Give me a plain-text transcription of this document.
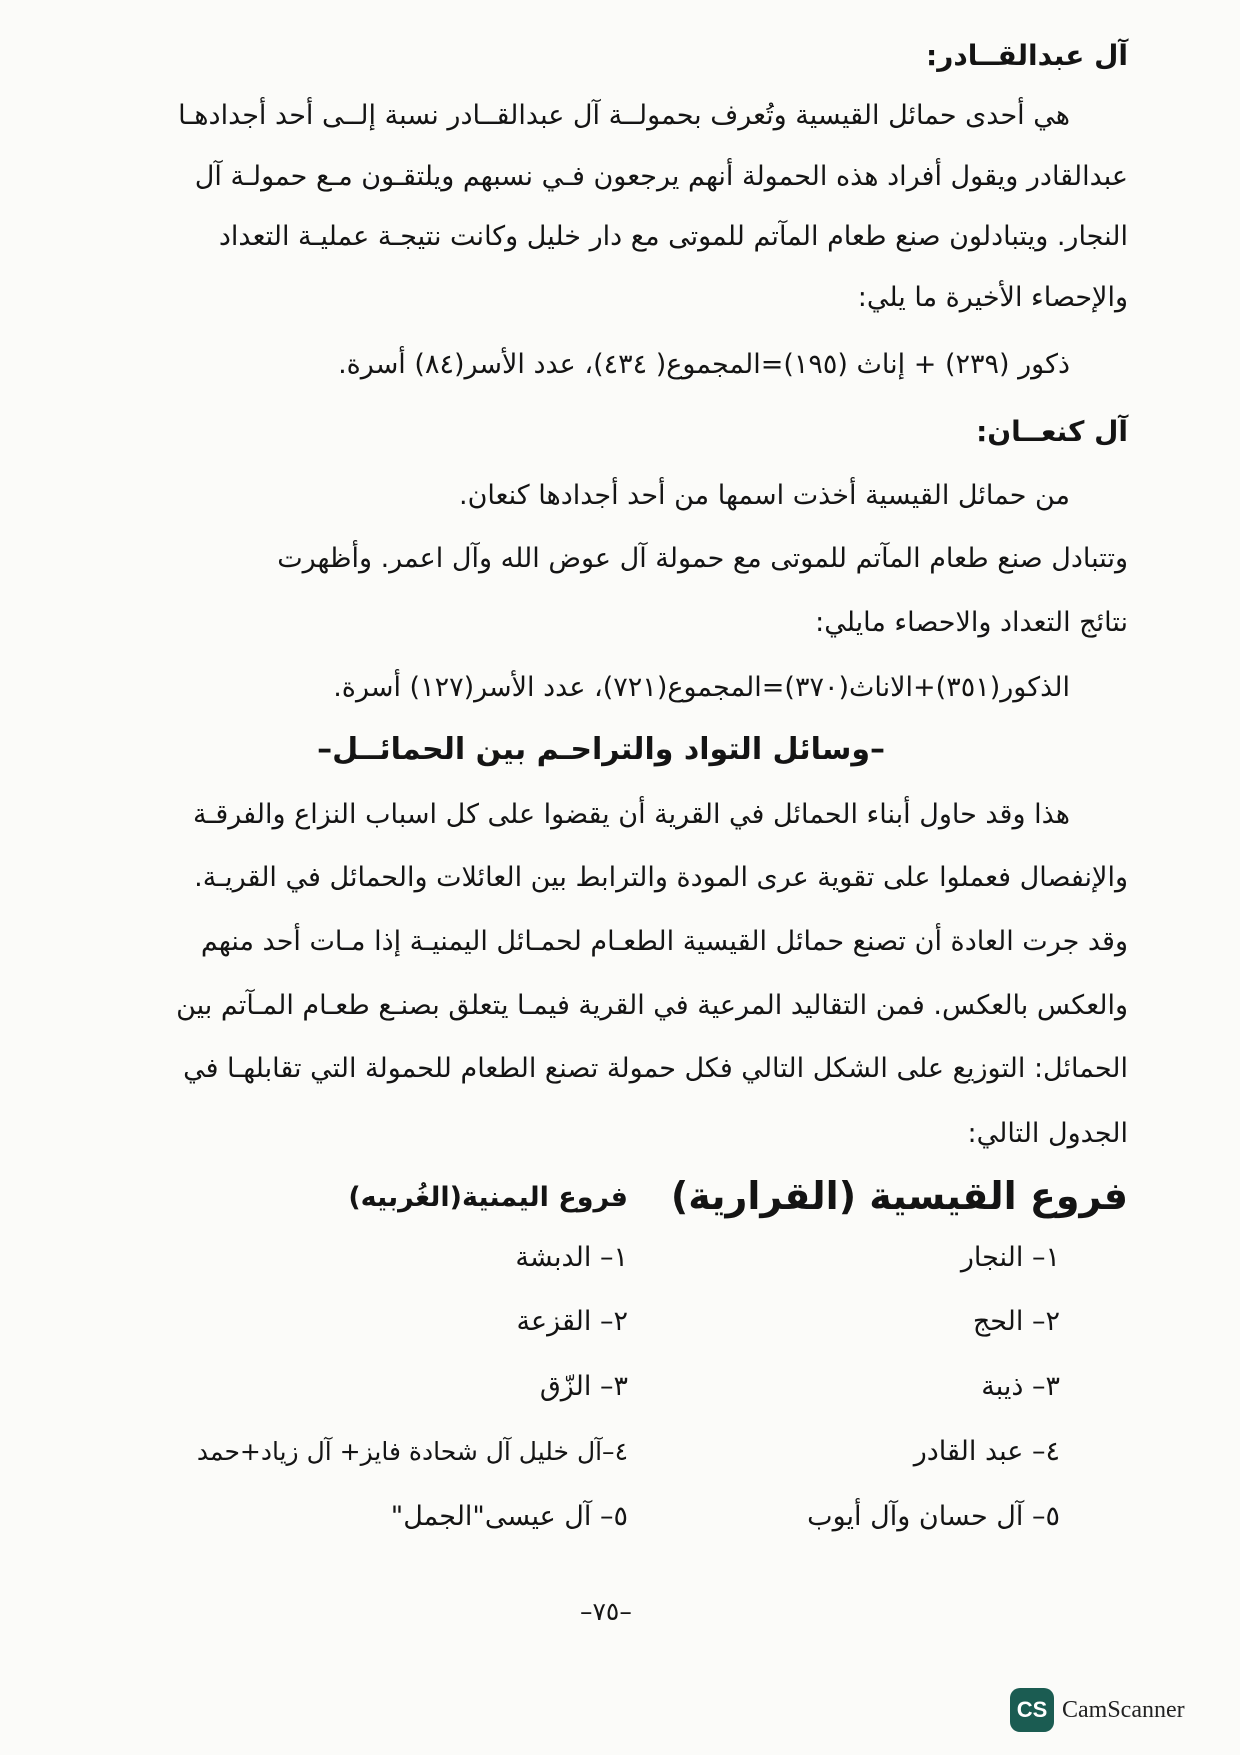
آل عبدالقــادر:
هي أحدى حمائل القيسية وتُعرف بحمولــة آل عبدالقــادر نسبة إلــى أحد أجدادهـا
عبدالقادر ويقول أفراد هذه الحمولة أنهم يرجعون فـي نسبهم ويلتقـون مـع حمولـة آل
النجار. ويتبادلون صنع طعام المآتم للموتى مع دار خليل وكانت نتيجـة عمليـة التعداد
والإحصاء الأخيرة ما يلي:
ذكور (٢٣٩) + إناث (١٩٥)=المجموع( ٤٣٤)، عدد الأسر(٨٤) أسرة.
آل كنعــان:
من حمائل القيسية أخذت اسمها من أحد أجدادها كنعان.
وتتبادل صنع طعام المآتم للموتى مع حمولة آل عوض الله وآل اعمر. وأظهرت
نتائج التعداد والاحصاء مايلي:
الذكور(٣٥١)+الاناث(٣٧٠)=المجموع(٧٢١)، عدد الأسر(١٢٧) أسرة.
–وسائل التواد والتراحـم بين الحمائــل–
هذا وقد حاول أبناء الحمائل في القرية أن يقضوا على كل اسباب النزاع والفرقـة
والإنفصال فعملوا على تقوية عرى المودة والترابط بين العائلات والحمائل في القريـة.
وقد جرت العادة أن تصنع حمائل القيسية الطعـام لحمـائل اليمنيـة إذا مـات أحد منهم
والعكس بالعكس. فمن التقاليد المرعية في القرية فيمـا يتعلق بصنـع طعـام المـآتم بين
الحمائل: التوزيع على الشكل التالي فكل حمولة تصنع الطعام للحمولة التي تقابلهـا في
الجدول التالي:
فروع القيسية (القرارية)
فروع اليمنية(الغُربيه)
١– النجار
٢– الحج
٣– ذيبة
٤– عبد القادر
٥– آل حسان وآل أيوب
١– الدبشة
٢– القزعة
٣– الزّق
٤–آل خليل آل شحادة فايز+ آل زياد+حمد
٥– آل عيسى"الجمل"
–٧٥–
CS CamScanner
